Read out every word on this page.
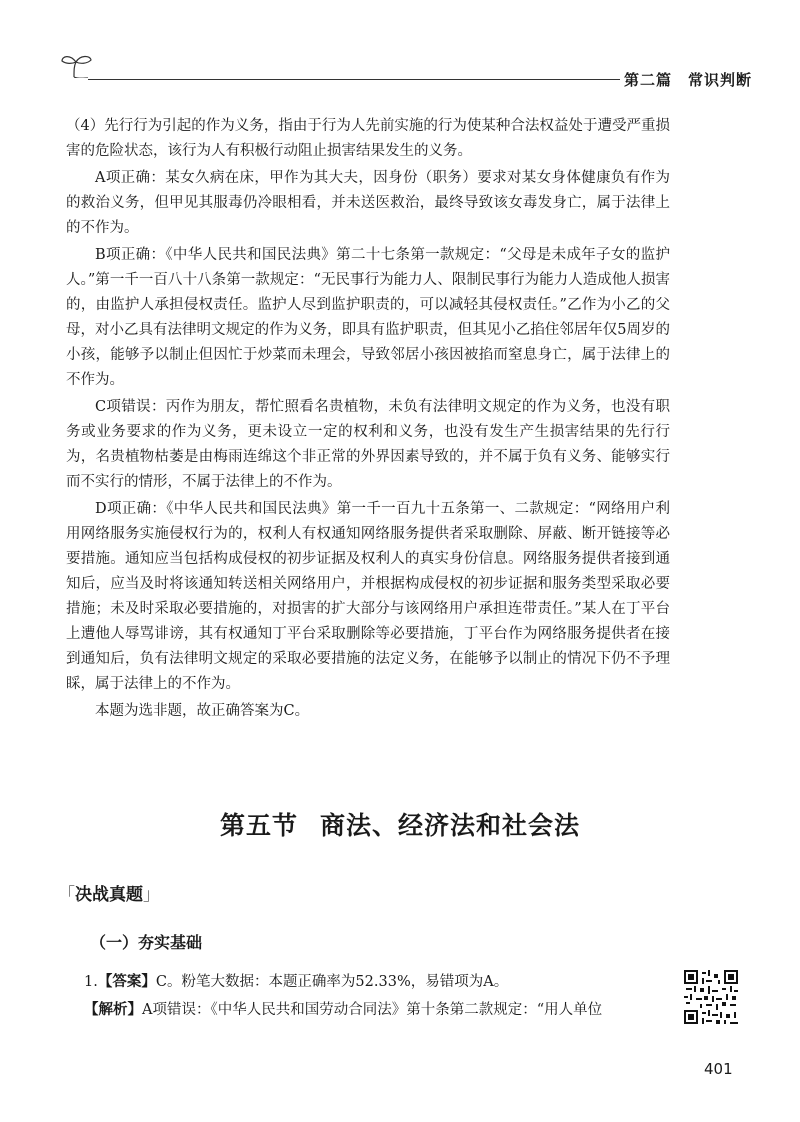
第二篇　常识判断

（4）先行行为引起的作为义务，指由于行为人先前实施的行为使某种合法权益处于遭受严重损害的危险状态，该行为人有积极行动阻止损害结果发生的义务。

A项正确：某女久病在床，甲作为其大夫，因身份（职务）要求对某女身体健康负有作为的救治义务，但甲见其服毒仍冷眼相看，并未送医救治，最终导致该女毒发身亡，属于法律上的不作为。

B项正确：《中华人民共和国民法典》第二十七条第一款规定：“父母是未成年子女的监护人。”第一千一百八十八条第一款规定：“无民事行为能力人、限制民事行为能力人造成他人损害的，由监护人承担侵权责任。监护人尽到监护职责的，可以减轻其侵权责任。”乙作为小乙的父母，对小乙具有法律明文规定的作为义务，即具有监护职责，但其见小乙掐住邻居年仅5周岁的小孩，能够予以制止但因忙于炒菜而未理会，导致邻居小孩因被掐而窒息身亡，属于法律上的不作为。

C项错误：丙作为朋友，帮忙照看名贵植物，未负有法律明文规定的作为义务，也没有职务或业务要求的作为义务，更未设立一定的权利和义务，也没有发生产生损害结果的先行行为，名贵植物枯萎是由梅雨连绵这个非正常的外界因素导致的，并不属于负有义务、能够实行而不实行的情形，不属于法律上的不作为。

D项正确：《中华人民共和国民法典》第一千一百九十五条第一、二款规定：“网络用户利用网络服务实施侵权行为的，权利人有权通知网络服务提供者采取删除、屏蔽、断开链接等必要措施。通知应当包括构成侵权的初步证据及权利人的真实身份信息。网络服务提供者接到通知后，应当及时将该通知转送相关网络用户，并根据构成侵权的初步证据和服务类型采取必要措施；未及时采取必要措施的，对损害的扩大部分与该网络用户承担连带责任。”某人在丁平台上遭他人辱骂诽谤，其有权通知丁平台采取删除等必要措施，丁平台作为网络服务提供者在接到通知后，负有法律明文规定的采取必要措施的法定义务，在能够予以制止的情况下仍不予理睬，属于法律上的不作为。

本题为选非题，故正确答案为C。

第五节 商法、经济法和社会法
「决战真题」
（一）夯实基础

1.【答案】C。粉笔大数据：本题正确率为52.33%，易错项为A。

【解析】A项错误：《中华人民共和国劳动合同法》第十条第二款规定：“用人单位

401
